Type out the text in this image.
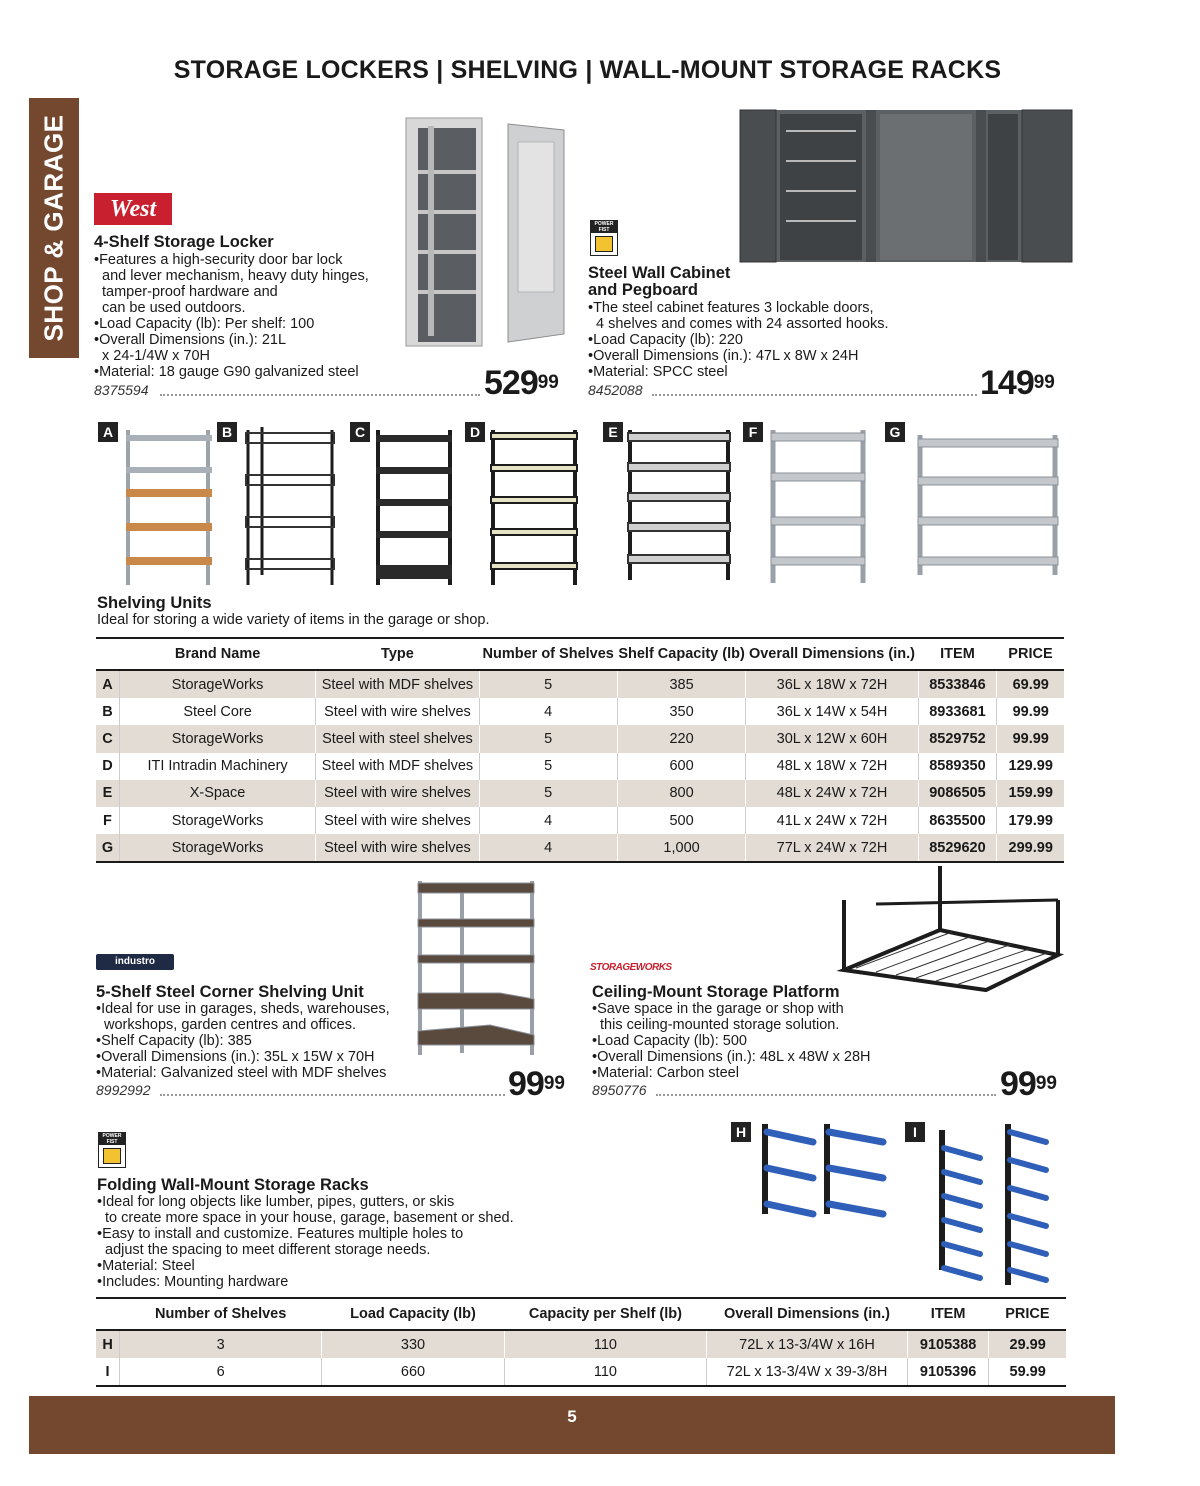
STORAGE LOCKERS | SHELVING | WALL-MOUNT STORAGE RACKS
SHOP & GARAGE	West
4-Shelf Storage Locker
•Features a high-security door bar lock
and lever mechanism, heavy duty hinges,
tamper-proof hardware and
can be used outdoors.
•Load Capacity (lb): Per shelf: 100
•Overall Dimensions (in.): 21L
x 24-1/4W x 70H
•Material: 18 gauge G90 galvanized steel
8375594	$529^{99}$
POWER FIST
Steel Wall Cabinet
and Pegboard
•The steel cabinet features 3 lockable doors,
4 shelves and comes with 24 assorted hooks.
•Load Capacity (lb): 220
•Overall Dimensions (in.): 47L x 8W x 24H
•Material: SPCC steel
8452088	$149^{99}$
A	B	C	D	E	F	G
Shelving Units
Ideal for storing a wide variety of items in the garage or shop.
	Brand Name	Type	Number of Shelves	Shelf Capacity (lb)	Overall Dimensions (in.)	ITEM	PRICE
A	StorageWorks	Steel with MDF shelves	5	385	36L x 18W x 72H	8533846	69.99
B	Steel Core	Steel with wire shelves	4	350	36L x 14W x 54H	8933681	99.99
C	StorageWorks	Steel with steel shelves	5	220	30L x 12W x 60H	8529752	99.99
D	ITI Intradin Machinery	Steel with MDF shelves	5	600	48L x 18W x 72H	8589350	129.99
E	X-Space	Steel with wire shelves	5	800	48L x 24W x 72H	9086505	159.99
F	StorageWorks	Steel with wire shelves	4	500	41L x 24W x 72H	8635500	179.99
G	StorageWorks	Steel with wire shelves	4	1,000	77L x 24W x 72H	8529620	299.99
industro
5-Shelf Steel Corner Shelving Unit
•Ideal for use in garages, sheds, warehouses,
workshops, garden centres and offices.
•Shelf Capacity (lb): 385
•Overall Dimensions (in.): 35L x 15W x 70H
•Material: Galvanized steel with MDF shelves
8992992	$99^{99}$
STORAGEWORKS
Ceiling-Mount Storage Platform
•Save space in the garage or shop with
this ceiling-mounted storage solution.
•Load Capacity (lb): 500
•Overall Dimensions (in.): 48L x 48W x 28H
•Material: Carbon steel
8950776	$99^{99}$
POWER FIST
Folding Wall-Mount Storage Racks
•Ideal for long objects like lumber, pipes, gutters, or skis
to create more space in your house, garage, basement or shed.
•Easy to install and customize. Features multiple holes to
adjust the spacing to meet different storage needs.
•Material: Steel
•Includes: Mounting hardware
H	I
	Number of Shelves	Load Capacity (lb)	Capacity per Shelf (lb)	Overall Dimensions (in.)	ITEM	PRICE
H	3	330	110	72L x 13-3/4W x 16H	9105388	29.99
I	6	660	110	72L x 13-3/4W x 39-3/8H	9105396	59.99
5
